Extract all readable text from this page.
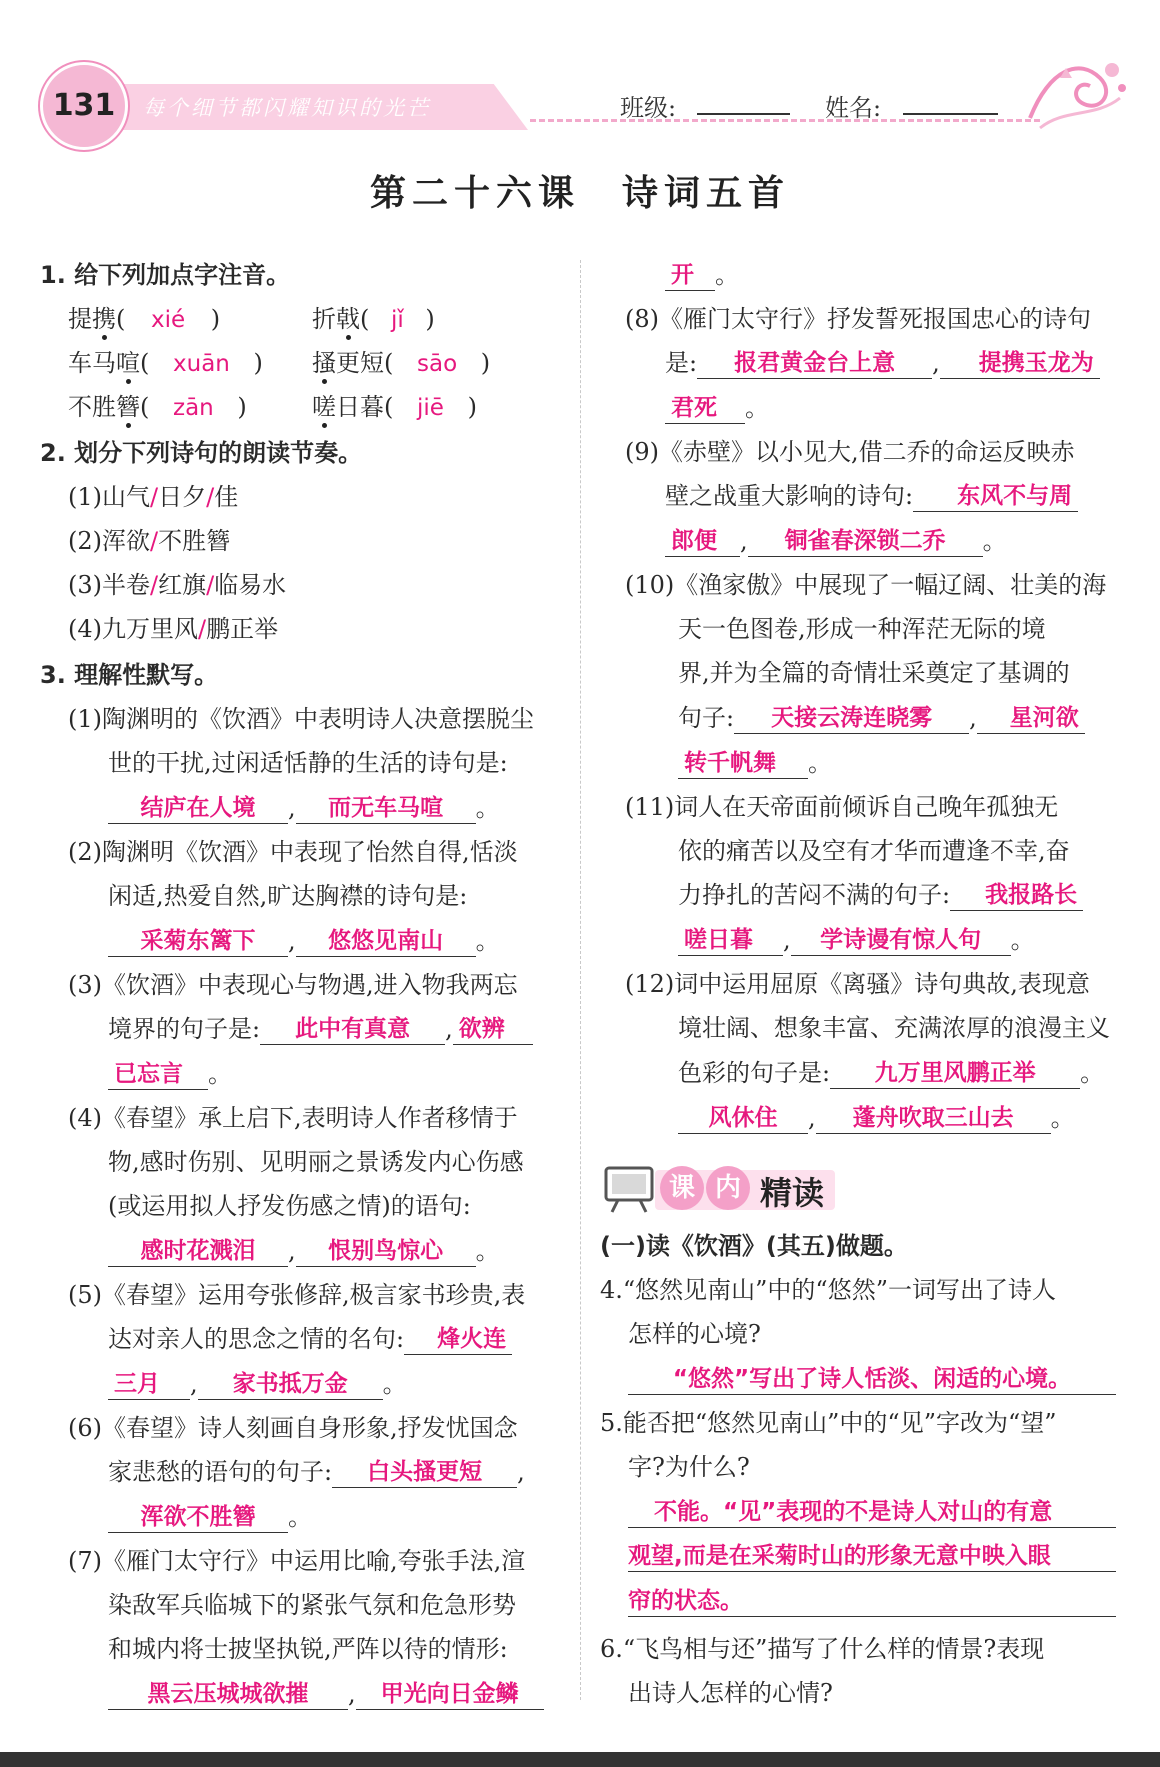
131	每个细节都闪耀知识的光芒	班级:	姓名:
第二十六课　诗词五首
1. 给下列加点字注音。
提携( xié )	折戟( jǐ )
车马喧( xuān ) 搔更短( sāo )
不胜簪( zān )	嗟日暮( jiē )
2. 划分下列诗句的朗读节奏。
(1)山气/日夕/佳
(2)浑欲/不胜簪
(3)半卷/红旗/临易水
(4)九万里风/鹏正举
3. 理解性默写。
(1)陶渊明的《饮酒》中表明诗人决意摆脱尘
世的干扰,过闲适恬静的生活的诗句是:
结庐在人境 , 而无车马喧 。
(2)陶渊明《饮酒》中表现了怡然自得,恬淡
闲适,热爱自然,旷达胸襟的诗句是:
采菊东篱下 , 悠悠见南山 。
(3)《饮酒》中表现心与物遇,进入物我两忘
境界的句子是: 此中有真意 , 欲辨
已忘言 。
(4)《春望》承上启下,表明诗人作者移情于
物,感时伤别、见明丽之景诱发内心伤感
(或运用拟人抒发伤感之情)的语句:
感时花溅泪 , 恨别鸟惊心 。
(5)《春望》运用夸张修辞,极言家书珍贵,表
达对亲人的思念之情的名句: 烽火连
三月 , 家书抵万金 。
(6)《春望》诗人刻画自身形象,抒发忧国念
家悲愁的语句的句子: 白头搔更短 ,
浑欲不胜簪 。
(7)《雁门太守行》中运用比喻,夸张手法,渲
染敌军兵临城下的紧张气氛和危急形势
和城内将士披坚执锐,严阵以待的情形:
黑云压城城欲摧 , 甲光向日金鳞
开 。
(8)《雁门太守行》抒发誓死报国忠心的诗句
是: 报君黄金台上意 , 提携玉龙为
君死 。
(9)《赤壁》以小见大,借二乔的命运反映赤
壁之战重大影响的诗句: 东风不与周
郎便 , 铜雀春深锁二乔 。
(10)《渔家傲》中展现了一幅辽阔、壮美的海
天一色图卷,形成一种浑茫无际的境
界,并为全篇的奇情壮采奠定了基调的
句子: 天接云涛连晓雾 , 星河欲
转千帆舞 。
(11)词人在天帝面前倾诉自己晚年孤独无
依的痛苦以及空有才华而遭逢不幸,奋
力挣扎的苦闷不满的句子: 我报路长
嗟日暮 , 学诗谩有惊人句 。
(12)词中运用屈原《离骚》诗句典故,表现意
境壮阔、想象丰富、充满浓厚的浪漫主义
色彩的句子是: 九万里风鹏正举 。
风休住 , 蓬舟吹取三山去 。
课 内 精读
(一)读《饮酒》(其五)做题。
4.“悠然见南山”中的“悠然”一词写出了诗人
怎样的心境?
“悠然”写出了诗人恬淡、闲适的心境。
5.能否把“悠然见南山”中的“见”字改为“望”
字?为什么?
不能。“见”表现的不是诗人对山的有意
观望,而是在采菊时山的形象无意中映入眼
帘的状态。
6.“飞鸟相与还”描写了什么样的情景?表现
出诗人怎样的心情?
